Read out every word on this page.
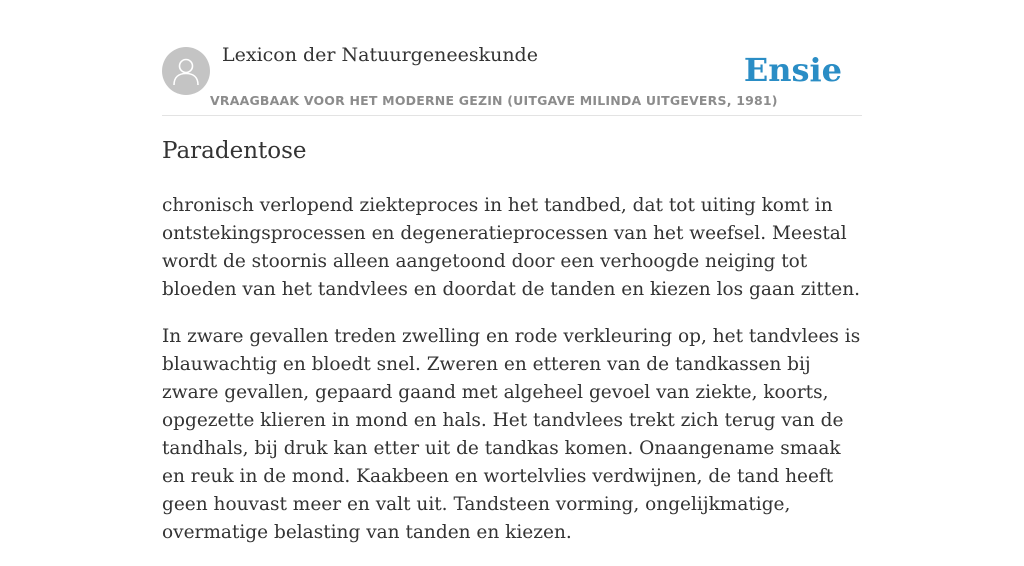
Lexicon der Natuurgeneeskunde
VRAAGBAAK VOOR HET MODERNE GEZIN (UITGAVE MILINDA UITGEVERS, 1981)
Ensie
Paradentose

chronisch verlopend ziekteproces in het tandbed, dat tot uiting komt in ontstekingsprocessen en degeneratieprocessen van het weefsel. Meestal wordt de stoornis alleen aangetoond door een verhoogde neiging tot bloeden van het tandvlees en doordat de tanden en kiezen los gaan zitten.

In zware gevallen treden zwelling en rode verkleuring op, het tandvlees is blauwachtig en bloedt snel. Zweren en etteren van de tandkassen bij zware gevallen, gepaard gaand met algeheel gevoel van ziekte, koorts, opgezette klieren in mond en hals. Het tandvlees trekt zich terug van de tandhals, bij druk kan etter uit de tandkas komen. Onaangename smaak en reuk in de mond. Kaakbeen en wortelvlies verdwijnen, de tand heeft geen houvast meer en valt uit. Tandsteen vorming, ongelijkmatige, overmatige belasting van tanden en kiezen.
